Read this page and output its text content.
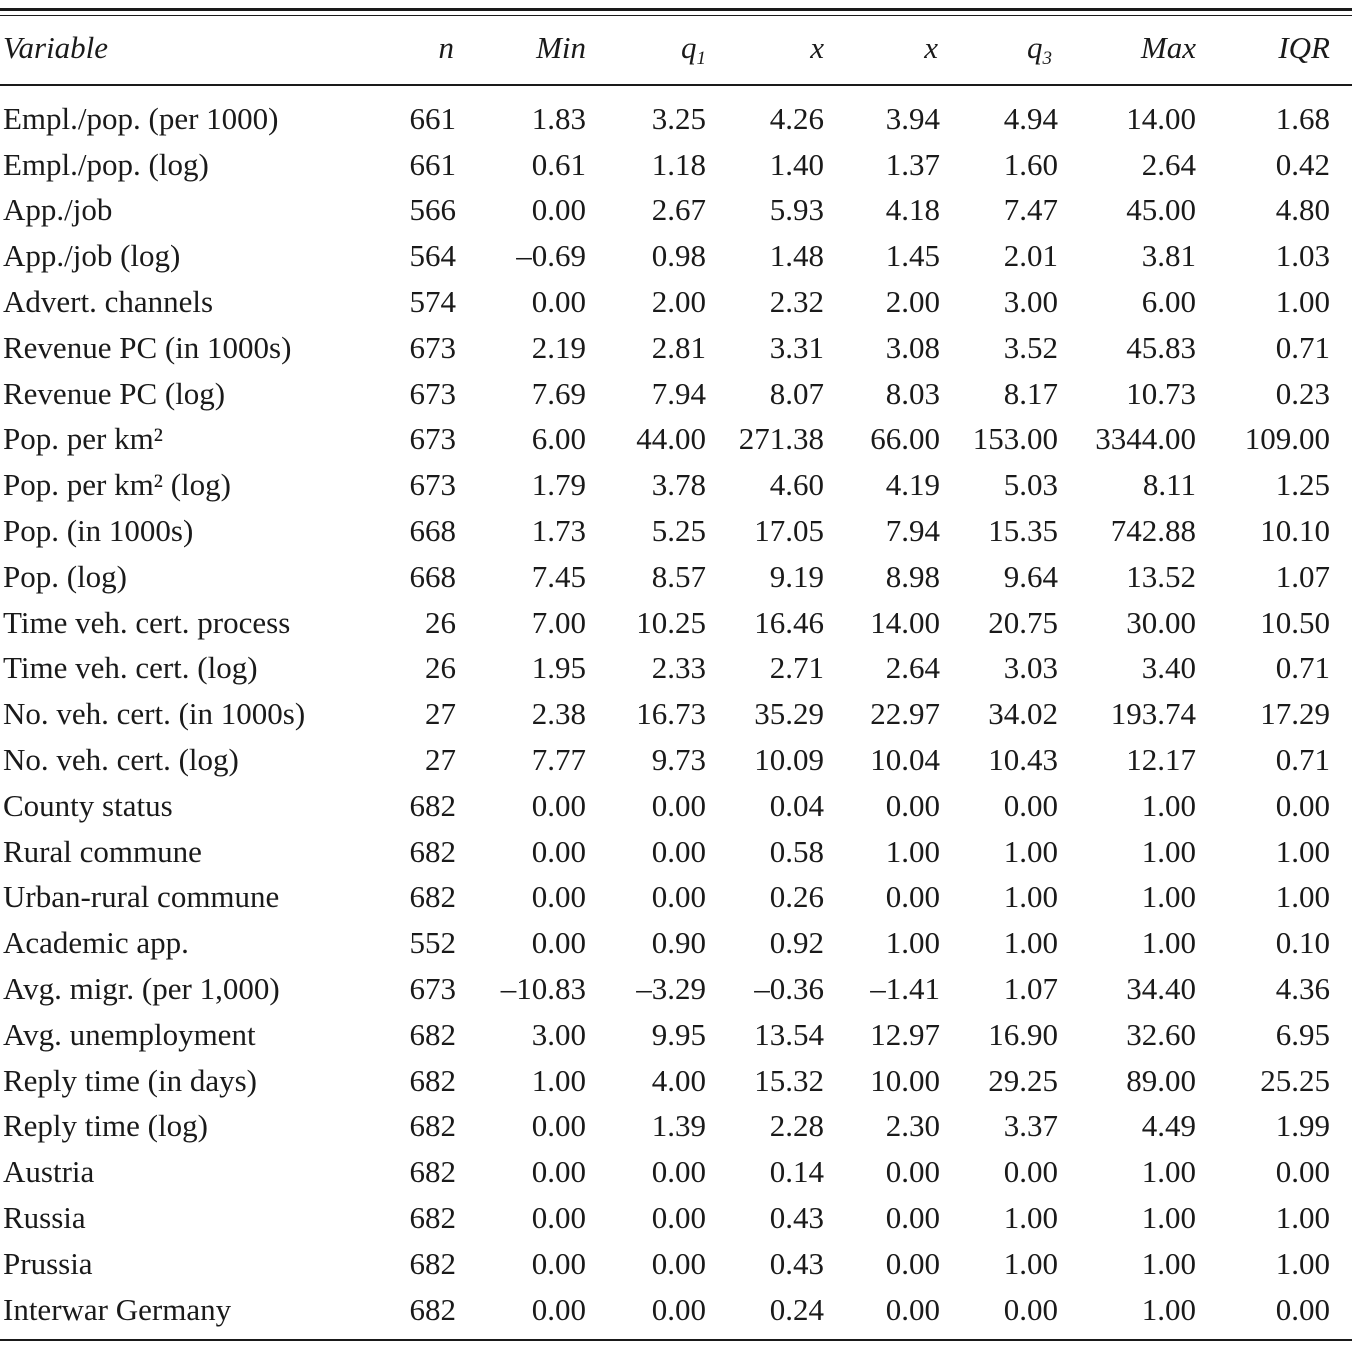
Variable	n	Min	$q_1$	x	x	$q_3$	Max	IQR

Empl./pop. (per 1000)	661	1.83	3.25	4.26	3.94	4.94	14.00	1.68
Empl./pop. (log)	661	0.61	1.18	1.40	1.37	1.60	2.64	0.42
App./job	566	0.00	2.67	5.93	4.18	7.47	45.00	4.80
App./job (log)	564	–0.69	0.98	1.48	1.45	2.01	3.81	1.03
Advert. channels	574	0.00	2.00	2.32	2.00	3.00	6.00	1.00
Revenue PC (in 1000s)	673	2.19	2.81	3.31	3.08	3.52	45.83	0.71
Revenue PC (log)	673	7.69	7.94	8.07	8.03	8.17	10.73	0.23
Pop. per km²	673	6.00	44.00	271.38	66.00	153.00	3344.00	109.00
Pop. per km² (log)	673	1.79	3.78	4.60	4.19	5.03	8.11	1.25
Pop. (in 1000s)	668	1.73	5.25	17.05	7.94	15.35	742.88	10.10
Pop. (log)	668	7.45	8.57	9.19	8.98	9.64	13.52	1.07
Time veh. cert. process	26	7.00	10.25	16.46	14.00	20.75	30.00	10.50
Time veh. cert. (log)	26	1.95	2.33	2.71	2.64	3.03	3.40	0.71
No. veh. cert. (in 1000s)	27	2.38	16.73	35.29	22.97	34.02	193.74	17.29
No. veh. cert. (log)	27	7.77	9.73	10.09	10.04	10.43	12.17	0.71
County status	682	0.00	0.00	0.04	0.00	0.00	1.00	0.00
Rural commune	682	0.00	0.00	0.58	1.00	1.00	1.00	1.00
Urban-rural commune	682	0.00	0.00	0.26	0.00	1.00	1.00	1.00
Academic app.	552	0.00	0.90	0.92	1.00	1.00	1.00	0.10
Avg. migr. (per 1,000)	673	–10.83	–3.29	–0.36	–1.41	1.07	34.40	4.36
Avg. unemployment	682	3.00	9.95	13.54	12.97	16.90	32.60	6.95
Reply time (in days)	682	1.00	4.00	15.32	10.00	29.25	89.00	25.25
Reply time (log)	682	0.00	1.39	2.28	2.30	3.37	4.49	1.99
Austria	682	0.00	0.00	0.14	0.00	0.00	1.00	0.00
Russia	682	0.00	0.00	0.43	0.00	1.00	1.00	1.00
Prussia	682	0.00	0.00	0.43	0.00	1.00	1.00	1.00
Interwar Germany	682	0.00	0.00	0.24	0.00	0.00	1.00	0.00
